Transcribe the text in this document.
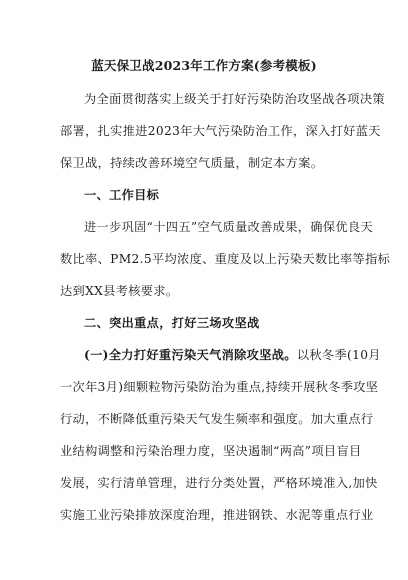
蓝天保卫战2023年工作方案(参考模板)
为全面贯彻落实上级关于打好污染防治攻坚战各项决策
部署，扎实推进2023年大气污染防治工作，深入打好蓝天
保卫战，持续改善环境空气质量，制定本方案。
一、工作目标
进一步巩固“十四五”空气质量改善成果，确保优良天
数比率、PM2.5平均浓度、重度及以上污染天数比率等指标
达到XX县考核要求。
二、突出重点，打好三场攻坚战
(一)全力打好重污染天气消除攻坚战。以秋冬季(10月
一次年3月)细颗粒物污染防治为重点,持续开展秋冬季攻坚
行动，不断降低重污染天气发生频率和强度。加大重点行
业结构调整和污染治理力度，坚决遏制“两高”项目盲目
发展，实行清单管理，进行分类处置，严格环境准入,加快
实施工业污染排放深度治理，推进钢铁、水泥等重点行业
